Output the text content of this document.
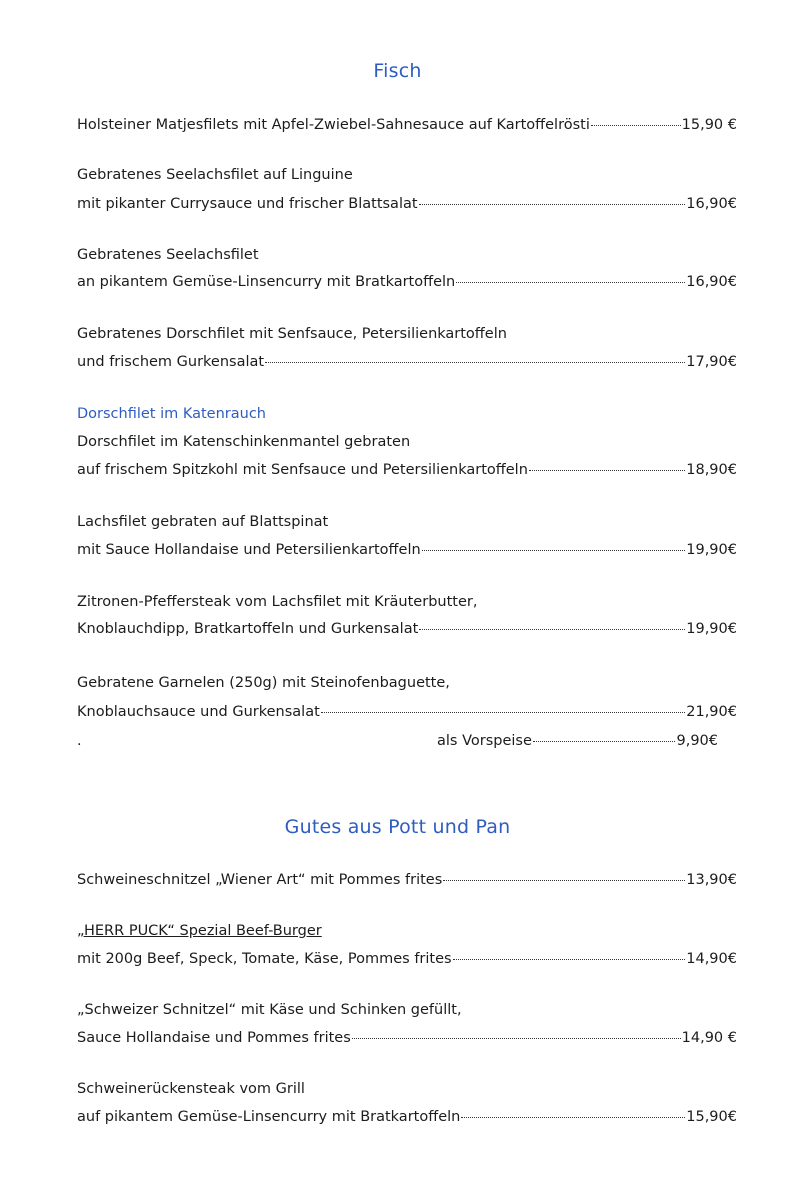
Fisch
Holsteiner Matjesfilets mit Apfel-Zwiebel-Sahnesauce auf Kartoffelrösti	15,90 €
Gebratenes Seelachsfilet auf Linguine
mit pikanter Currysauce und frischer Blattsalat	16,90€
Gebratenes Seelachsfilet
an pikantem Gemüse-Linsencurry mit Bratkartoffeln	16,90€
Gebratenes Dorschfilet mit Senfsauce, Petersilienkartoffeln
und frischem Gurkensalat	17,90€
Dorschfilet im Katenrauch
Dorschfilet im Katenschinkenmantel gebraten
auf frischem Spitzkohl mit Senfsauce und Petersilienkartoffeln	18,90€
Lachsfilet gebraten auf Blattspinat
mit Sauce Hollandaise und Petersilienkartoffeln	19,90€
Zitronen-Pfeffersteak vom Lachsfilet mit Kräuterbutter,
Knoblauchdipp, Bratkartoffeln und Gurkensalat	19,90€
Gebratene Garnelen (250g) mit Steinofenbaguette,
Knoblauchsauce und Gurkensalat	21,90€
.	als Vorspeise	9,90€
Gutes aus Pott und Pan
Schweineschnitzel „Wiener Art“ mit Pommes frites	13,90€
„HERR PUCK“ Spezial Beef-Burger
mit 200g Beef, Speck, Tomate, Käse, Pommes frites	14,90€
„Schweizer Schnitzel“ mit Käse und Schinken gefüllt,
Sauce Hollandaise und Pommes frites	14,90 €
Schweinerückensteak vom Grill
auf pikantem Gemüse-Linsencurry mit Bratkartoffeln	15,90€
